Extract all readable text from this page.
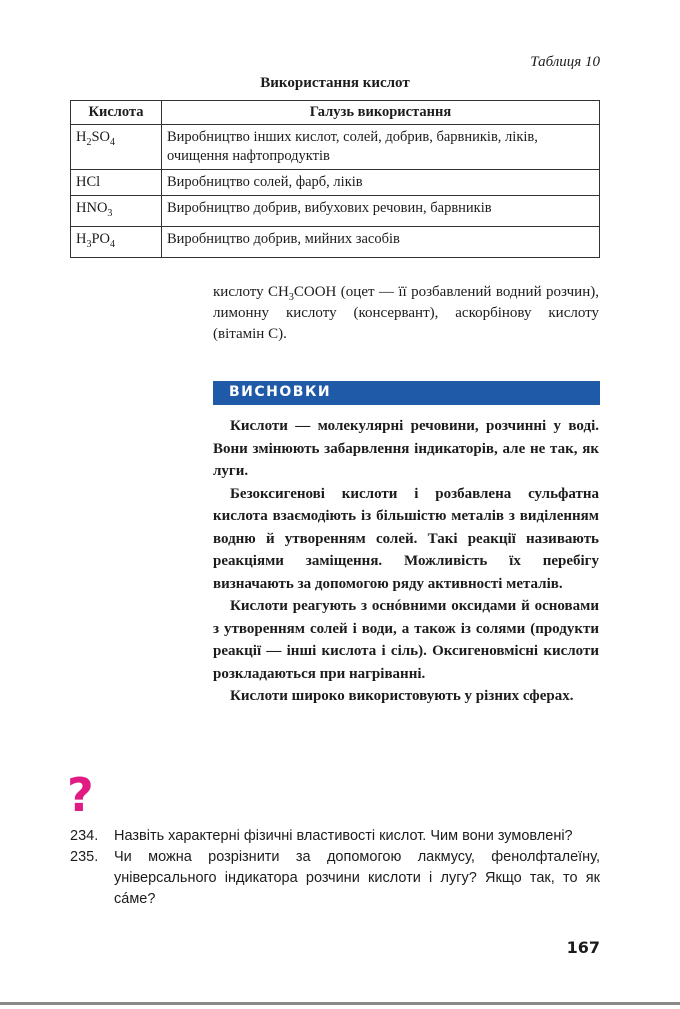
Таблиця 10
Використання кислот
Кислота	Галузь використання
$H_2SO_4$	Виробництво інших кислот, солей, добрив, барвників, ліків, очищення нафтопродуктів
HCl	Виробництво солей, фарб, ліків
$HNO_3$	Виробництво добрив, вибухових речовин, барвників
$H_3PO_4$	Виробництво добрив, мийних засобів
кислоту $CH_3COOH$ (оцет — її розбавлений водний розчин), лимонну кислоту (консервант), аскорбінову кислоту (вітамін С).
ВИСНОВКИ

Кислоти — молекулярні речовини, розчинні у воді. Вони змінюють забарвлення індикаторів, але не так, як луги.

Безоксигенові кислоти і розбавлена сульфатна кислота взаємодіють із більшістю металів з виділенням водню й утворенням солей. Такі реакції називають реакціями заміщення. Можливість їх перебігу визначають за допомогою ряду активності металів.

Кислоти реагують з оснóвними оксидами й основами з утворенням солей і води, а також із солями (продукти реакції — інші кислота і сіль). Оксигеновмісні кислоти розкладаються при нагріванні.

Кислоти широко використовують у різних сферах.

?
234.	Назвіть характерні фізичні властивості кислот. Чим вони зумовлені?
235.	Чи можна розрізнити за допомогою лакмусу, фенолфталеїну, універсального індикатора розчини кислоти і лугу? Якщо так, то як сáме?
167
